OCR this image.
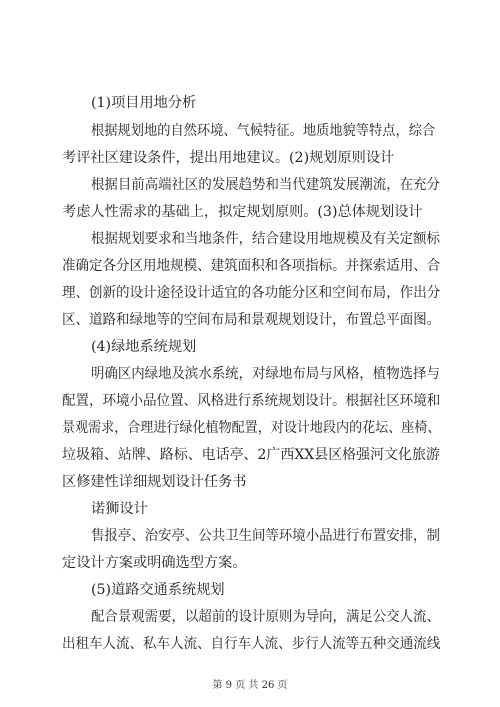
(1)项目用地分析
根据规划地的自然环境、气候特征。地质地貌等特点，综合
考评社区建设条件，提出用地建议。(2)规划原则设计
根据目前高端社区的发展趋势和当代建筑发展潮流，在充分
考虑人性需求的基础上，拟定规划原则。(3)总体规划设计
根据规划要求和当地条件，结合建设用地规模及有关定额标
准确定各分区用地规模、建筑面积和各项指标。并探索适用、合
理、创新的设计途径设计适宜的各功能分区和空间布局，作出分
区、道路和绿地等的空间布局和景观规划设计，布置总平面图。
(4)绿地系统规划
明确区内绿地及滨水系统，对绿地布局与风格，植物选择与
配置，环境小品位置、风格进行系统规划设计。根据社区环境和
景观需求，合理进行绿化植物配置，对设计地段内的花坛、座椅、
垃圾箱、站牌、路标、电话亭、2广西XX县区格强河文化旅游
区修建性详细规划设计任务书
诺狮设计
售报亭、治安亭、公共卫生间等环境小品进行布置安排，制
定设计方案或明确选型方案。
(5)道路交通系统规划
配合景观需要，以超前的设计原则为导向，满足公交人流、
出租车人流、私车人流、自行车人流、步行人流等五种交通流线
第 9 页 共 26 页
